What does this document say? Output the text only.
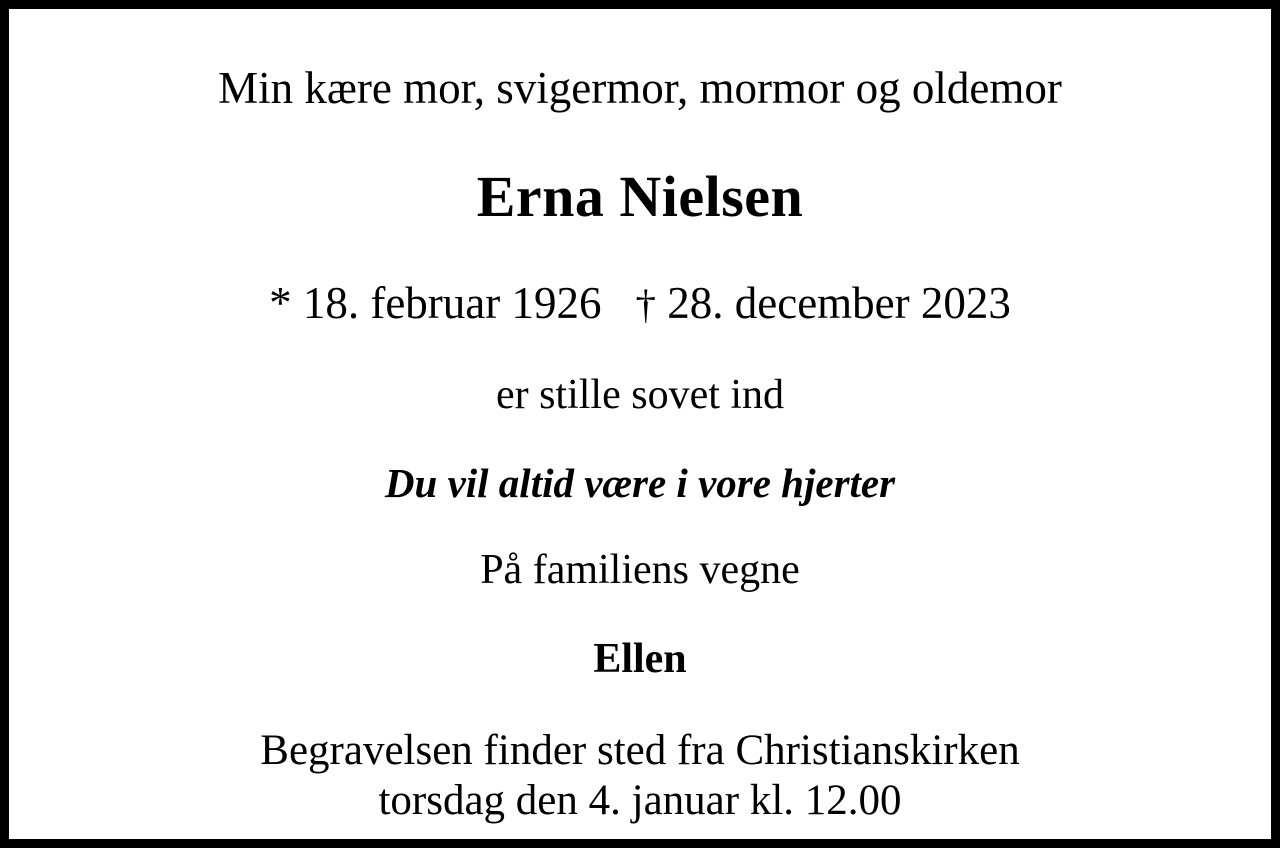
Min kære mor, svigermor, mormor og oldemor
Erna Nielsen
* 18. februar 1926 † 28. december 2023
er stille sovet ind
Du vil altid være i vore hjerter
På familiens vegne
Ellen
Begravelsen finder sted fra Christianskirken
torsdag den 4. januar kl. 12.00
